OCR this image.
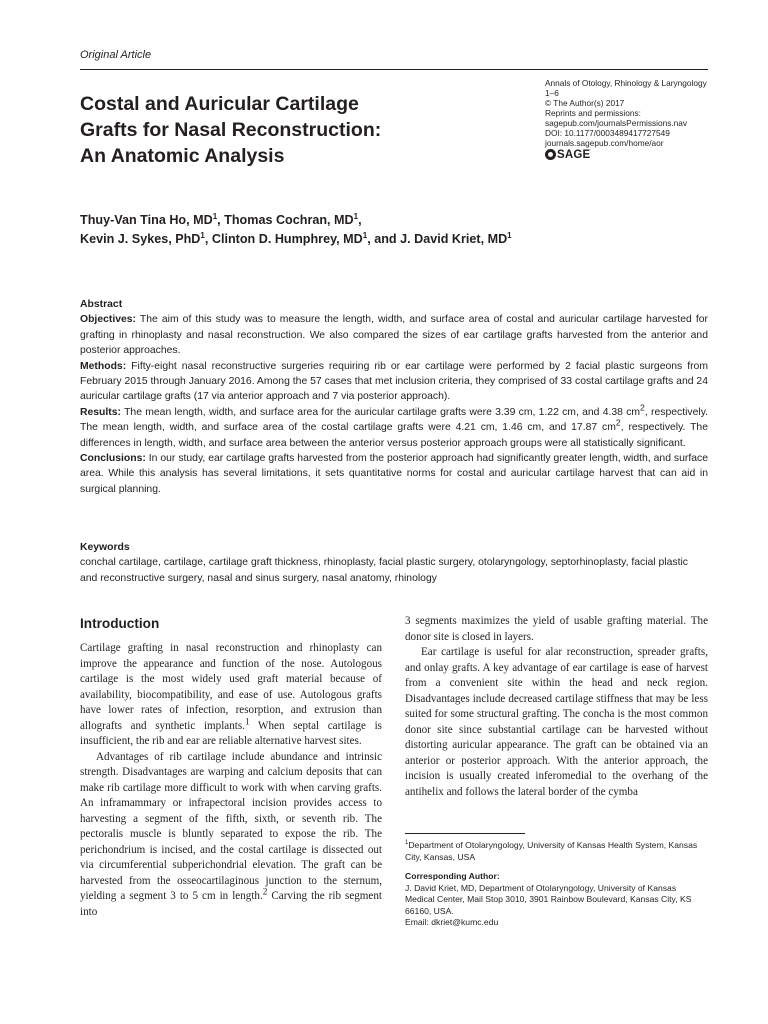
Original Article
Costal and Auricular Cartilage
Grafts for Nasal Reconstruction:
An Anatomic Analysis
Annals of Otology, Rhinology & Laryngology
1–6
© The Author(s) 2017
Reprints and permissions:
sagepub.com/journalsPermissions.nav
DOI: 10.1177/0003489417727549
journals.sagepub.com/home/aor
SAGE
Thuy-Van Tina Ho, $MD^1$, Thomas Cochran, $MD^1$,
Kevin J. Sykes, PhD$^1$, Clinton D. Humphrey, $MD^1$, and J. David Kriet, $MD^1$

Abstract

Objectives: The aim of this study was to measure the length, width, and surface area of costal and auricular cartilage harvested for grafting in rhinoplasty and nasal reconstruction. We also compared the sizes of ear cartilage grafts harvested from the anterior and posterior approaches.

Methods: Fifty-eight nasal reconstructive surgeries requiring rib or ear cartilage were performed by 2 facial plastic surgeons from February 2015 through January 2016. Among the 57 cases that met inclusion criteria, they comprised of 33 costal cartilage grafts and 24 auricular cartilage grafts (17 via anterior approach and 7 via posterior approach).

Results: The mean length, width, and surface area for the auricular cartilage grafts were 3.39 cm, 1.22 cm, and 4.38 $cm^2$, respectively. The mean length, width, and surface area of the costal cartilage grafts were 4.21 cm, 1.46 cm, and 17.87 $cm^2$, respectively. The differences in length, width, and surface area between the anterior versus posterior approach groups were all statistically significant.

Conclusions: In our study, ear cartilage grafts harvested from the posterior approach had significantly greater length, width, and surface area. While this analysis has several limitations, it sets quantitative norms for costal and auricular cartilage harvest that can aid in surgical planning.

Keywords
conchal cartilage, cartilage, cartilage graft thickness, rhinoplasty, facial plastic surgery, otolaryngology, septorhinoplasty, facial plastic and reconstructive surgery, nasal and sinus surgery, nasal anatomy, rhinology
Introduction

Cartilage grafting in nasal reconstruction and rhinoplasty can improve the appearance and function of the nose. Autologous cartilage is the most widely used graft material because of availability, biocompatibility, and ease of use. Autologous grafts have lower rates of infection, resorption, and extrusion than allografts and synthetic implants.$^1$ When septal cartilage is insufficient, the rib and ear are reliable alternative harvest sites.

Advantages of rib cartilage include abundance and intrinsic strength. Disadvantages are warping and calcium deposits that can make rib cartilage more difficult to work with when carving grafts. An inframammary or infrapectoral incision provides access to harvesting a segment of the fifth, sixth, or seventh rib. The pectoralis muscle is bluntly separated to expose the rib. The perichondrium is incised, and the costal cartilage is dissected out via circumferential subperichondrial elevation. The graft can be harvested from the osseocartilaginous junction to the sternum, yielding a segment 3 to 5 cm in length.$^2$ Carving the rib segment into

3 segments maximizes the yield of usable grafting material. The donor site is closed in layers.

Ear cartilage is useful for alar reconstruction, spreader grafts, and onlay grafts. A key advantage of ear cartilage is ease of harvest from a convenient site within the head and neck region. Disadvantages include decreased cartilage stiffness that may be less suited for some structural grafting. The concha is the most common donor site since substantial cartilage can be harvested without distorting auricular appearance. The graft can be obtained via an anterior or posterior approach. With the anterior approach, the incision is usually created inferomedial to the overhang of the antihelix and follows the lateral border of the cymba

$^1$Department of Otolaryngology, University of Kansas Health System, Kansas City, Kansas, USA

Corresponding Author:

J. David Kriet, MD, Department of Otolaryngology, University of Kansas Medical Center, Mail Stop 3010, 3901 Rainbow Boulevard, Kansas City, KS 66160, USA.

Email: dkriet@kumc.edu
